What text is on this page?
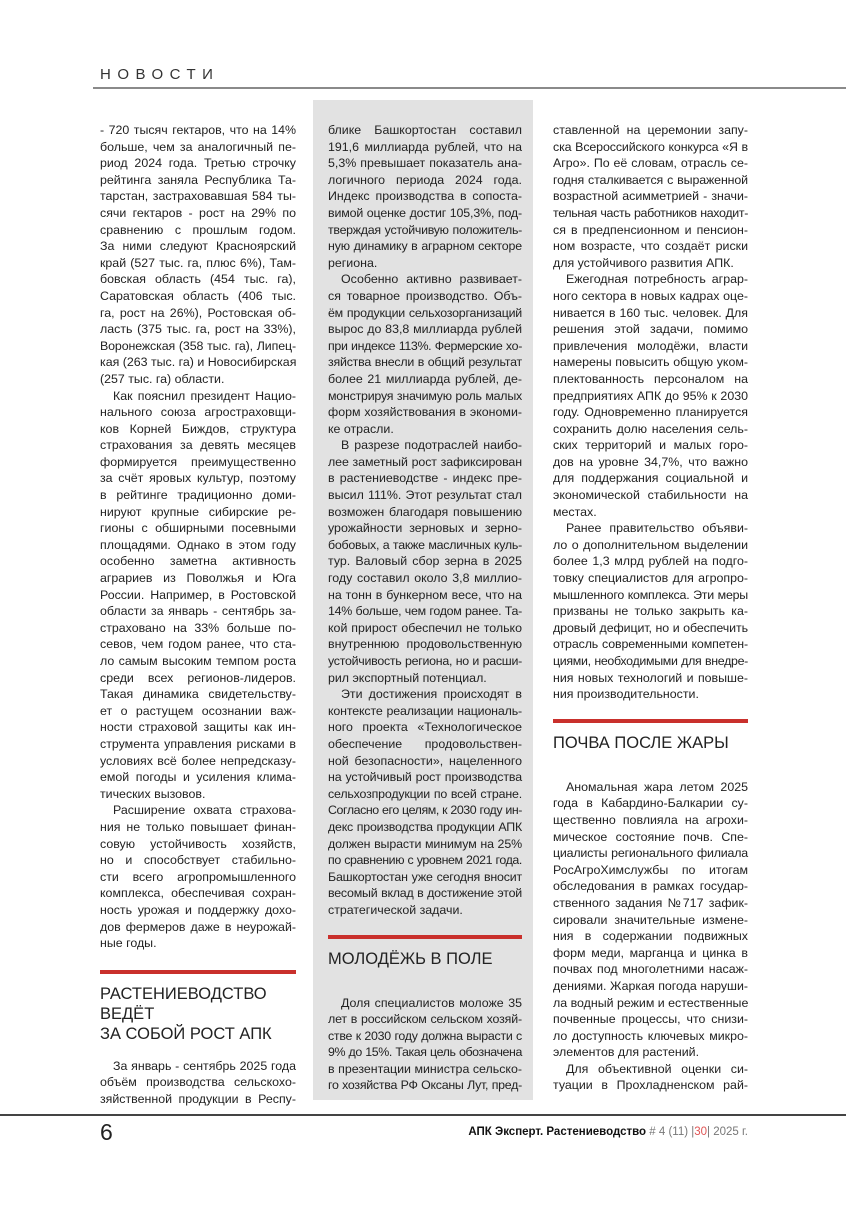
НОВОСТИ
- 720 тысяч гектаров, что на 14%
больше, чем за аналогичный пе-
риод 2024 года. Третью строчку
рейтинга заняла Республика Та-
тарстан, застраховавшая 584 ты-
сячи гектаров - рост на 29% по
сравнению с прошлым годом.
За ними следуют Красноярский
край (527 тыс. га, плюс 6%), Там-
бовская область (454 тыс. га),
Саратовская область (406 тыс.
га, рост на 26%), Ростовская об-
ласть (375 тыс. га, рост на 33%),
Воронежская (358 тыс. га), Липец-
кая (263 тыс. га) и Новосибирская
(257 тыс. га) области.
Как пояснил президент Нацио-
нального союза агростраховщи-
ков Корней Биждов, структура
страхования за девять месяцев
формируется преимущественно
за счёт яровых культур, поэтому
в рейтинге традиционно доми-
нируют крупные сибирские ре-
гионы с обширными посевными
площадями. Однако в этом году
особенно заметна активность
аграриев из Поволжья и Юга
России. Например, в Ростовской
области за январь - сентябрь за-
страховано на 33% больше по-
севов, чем годом ранее, что ста-
ло самым высоким темпом роста
среди всех регионов-лидеров.
Такая динамика свидетельству-
ет о растущем осознании важ-
ности страховой защиты как ин-
струмента управления рисками в
условиях всё более непредсказу-
емой погоды и усиления клима-
тических вызовов.
Расширение охвата страхова-
ния не только повышает финан-
совую устойчивость хозяйств,
но и способствует стабильно-
сти всего агропромышленного
комплекса, обеспечивая сохран-
ность урожая и поддержку дохо-
дов фермеров даже в неурожай-
ные годы.
РАСТЕНИЕВОДСТВО ВЕДЁТ
ЗА СОБОЙ РОСТ АПК
За январь - сентябрь 2025 года
объём производства сельскохо-
зяйственной продукции в Респу-
блике Башкортостан составил
191,6 миллиарда рублей, что на
5,3% превышает показатель ана-
логичного периода 2024 года.
Индекс производства в сопоста-
вимой оценке достиг 105,3%, под-
тверждая устойчивую положитель-
ную динамику в аграрном секторе
региона.
Особенно активно развивает-
ся товарное производство. Объ-
ём продукции сельхозорганизаций
вырос до 83,8 миллиарда рублей
при индексе 113%. Фермерские хо-
зяйства внесли в общий результат
более 21 миллиарда рублей, де-
монстрируя значимую роль малых
форм хозяйствования в экономи-
ке отрасли.
В разрезе подотраслей наибо-
лее заметный рост зафиксирован
в растениеводстве - индекс пре-
высил 111%. Этот результат стал
возможен благодаря повышению
урожайности зерновых и зерно-
бобовых, а также масличных куль-
тур. Валовый сбор зерна в 2025
году составил около 3,8 миллио-
на тонн в бункерном весе, что на
14% больше, чем годом ранее. Та-
кой прирост обеспечил не только
внутреннюю продовольственную
устойчивость региона, но и расши-
рил экспортный потенциал.
Эти достижения происходят в
контексте реализации националь-
ного проекта «Технологическое
обеспечение продовольствен-
ной безопасности», нацеленного
на устойчивый рост производства
сельхозпродукции по всей стране.
Согласно его целям, к 2030 году ин-
декс производства продукции АПК
должен вырасти минимум на 25%
по сравнению с уровнем 2021 года.
Башкортостан уже сегодня вносит
весомый вклад в достижение этой
стратегической задачи.
МОЛОДЁЖЬ В ПОЛЕ
Доля специалистов моложе 35
лет в российском сельском хозяй-
стве к 2030 году должна вырасти с
9% до 15%. Такая цель обозначена
в презентации министра сельско-
го хозяйства РФ Оксаны Лут, пред-
ставленной на церемонии запу-
ска Всероссийского конкурса «Я в
Агро». По её словам, отрасль се-
годня сталкивается с выраженной
возрастной асимметрией - значи-
тельная часть работников находит-
ся в предпенсионном и пенсион-
ном возрасте, что создаёт риски
для устойчивого развития АПК.
Ежегодная потребность аграр-
ного сектора в новых кадрах оце-
нивается в 160 тыс. человек. Для
решения этой задачи, помимо
привлечения молодёжи, власти
намерены повысить общую уком-
плектованность персоналом на
предприятиях АПК до 95% к 2030
году. Одновременно планируется
сохранить долю населения сель-
ских территорий и малых горо-
дов на уровне 34,7%, что важно
для поддержания социальной и
экономической стабильности на
местах.
Ранее правительство объяви-
ло о дополнительном выделении
более 1,3 млрд рублей на подго-
товку специалистов для агропро-
мышленного комплекса. Эти меры
призваны не только закрыть ка-
дровый дефицит, но и обеспечить
отрасль современными компетен-
циями, необходимыми для внедре-
ния новых технологий и повыше-
ния производительности.
ПОЧВА ПОСЛЕ ЖАРЫ
Аномальная жара летом 2025
года в Кабардино-Балкарии су-
щественно повлияла на агрохи-
мическое состояние почв. Спе-
циалисты регионального филиала
РосАгроХимслужбы по итогам
обследования в рамках государ-
ственного задания №717 зафик-
сировали значительные измене-
ния в содержании подвижных
форм меди, марганца и цинка в
почвах под многолетними насаж-
дениями. Жаркая погода наруши-
ла водный режим и естественные
почвенные процессы, что снизи-
ло доступность ключевых микро-
элементов для растений.
Для объективной оценки си-
туации в Прохладненском рай-
6	АПК Эксперт. Растениеводство # 4 (11) |30| 2025 г.
